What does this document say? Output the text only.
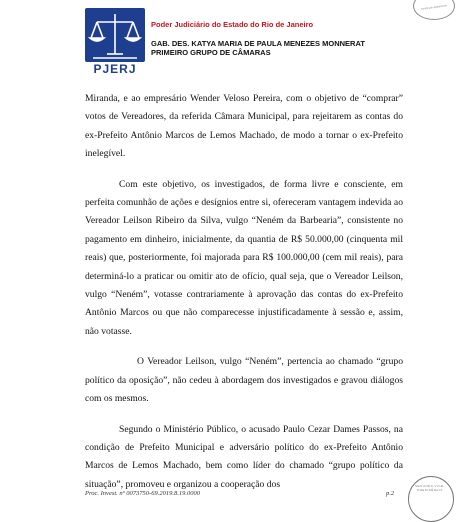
PJERJ
Poder Judiciário do Estado do Rio de Janeiro
GAB. DES. KATYA MARIA DE PAULA MENEZES MONNERAT
PRIMEIRO GRUPO DE CÂMARAS
Certificado digitalmente

Miranda, e ao empresário Wender Veloso Pereira, com o objetivo de “comprar” votos de Vereadores, da referida Câmara Municipal, para rejeitarem as contas do ex-Prefeito Antônio Marcos de Lemos Machado, de modo a tornar o ex-Prefeito inelegível.

Com este objetivo, os investigados, de forma livre e consciente, em perfeita comunhão de ações e desígnios entre si, ofereceram vantagem indevida ao Vereador Leilson Ribeiro da Silva, vulgo “Neném da Barbearia”, consistente no pagamento em dinheiro, inicialmente, da quantia de R$ 50.000,00 (cinquenta mil reais) que, posteriormente, foi majorada para R$ 100.000,00 (cem mil reais), para determiná-lo a praticar ou omitir ato de ofício, qual seja, que o Vereador Leilson, vulgo “Neném”, votasse contrariamente à aprovação das contas do ex-Prefeito Antônio Marcos ou que não comparecesse injustificadamente à sessão e, assim, não votasse.

O Vereador Leilson, vulgo “Neném”, pertencia ao chamado “grupo político da oposição”, não cedeu à abordagem dos investigados e gravou diálogos com os mesmos.

Segundo o Ministério Público, o acusado Paulo Cezar Dames Passos, na condição de Prefeito Municipal e adversário político do ex-Prefeito Antônio Marcos de Lemos Machado, bem como líder do chamado “grupo político da situação”, promoveu e organizou a cooperação dos

Proc. Invest. nº 0073750-69.2019.8.19.0000	p.2
SEGUNDA VICE-PRESIDÊNCIA
